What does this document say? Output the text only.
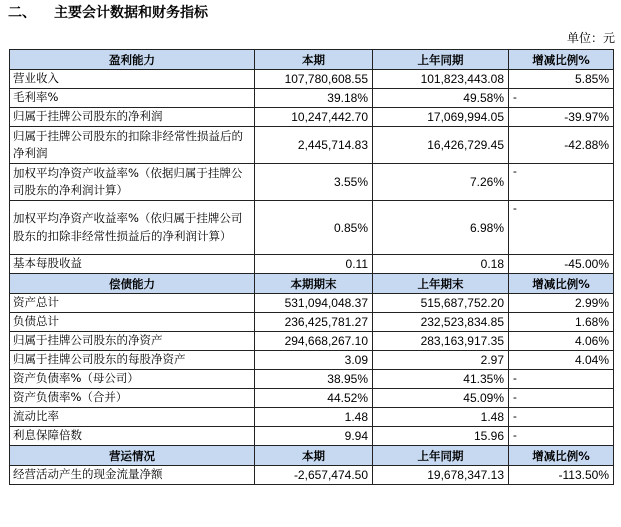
二、 主要会计数据和财务指标
单位：元
盈利能力	本期	上年同期	增减比例%
营业收入	107,780,608.55	101,823,443.08	5.85%
毛利率%	39.18%	49.58%	-
归属于挂牌公司股东的净利润	10,247,442.70	17,069,994.05	-39.97%
归属于挂牌公司股东的扣除非经常性损益后的净利润	2,445,714.83	16,426,729.45	-42.88%
加权平均净资产收益率%（依据归属于挂牌公司股东的净利润计算）	3.55%	7.26%	-
加权平均净资产收益率%（依归属于挂牌公司股东的扣除非经常性损益后的净利润计算）	0.85%	6.98%	-
基本每股收益	0.11	0.18	-45.00%
偿债能力	本期期末	上年期末	增减比例%
资产总计	531,094,048.37	515,687,752.20	2.99%
负债总计	236,425,781.27	232,523,834.85	1.68%
归属于挂牌公司股东的净资产	294,668,267.10	283,163,917.35	4.06%
归属于挂牌公司股东的每股净资产	3.09	2.97	4.04%
资产负债率%（母公司）	38.95%	41.35%	-
资产负债率%（合并）	44.52%	45.09%	-
流动比率	1.48	1.48	-
利息保障倍数	9.94	15.96	-
营运情况	本期	上年同期	增减比例%
经营活动产生的现金流量净额	-2,657,474.50	19,678,347.13	-113.50%
